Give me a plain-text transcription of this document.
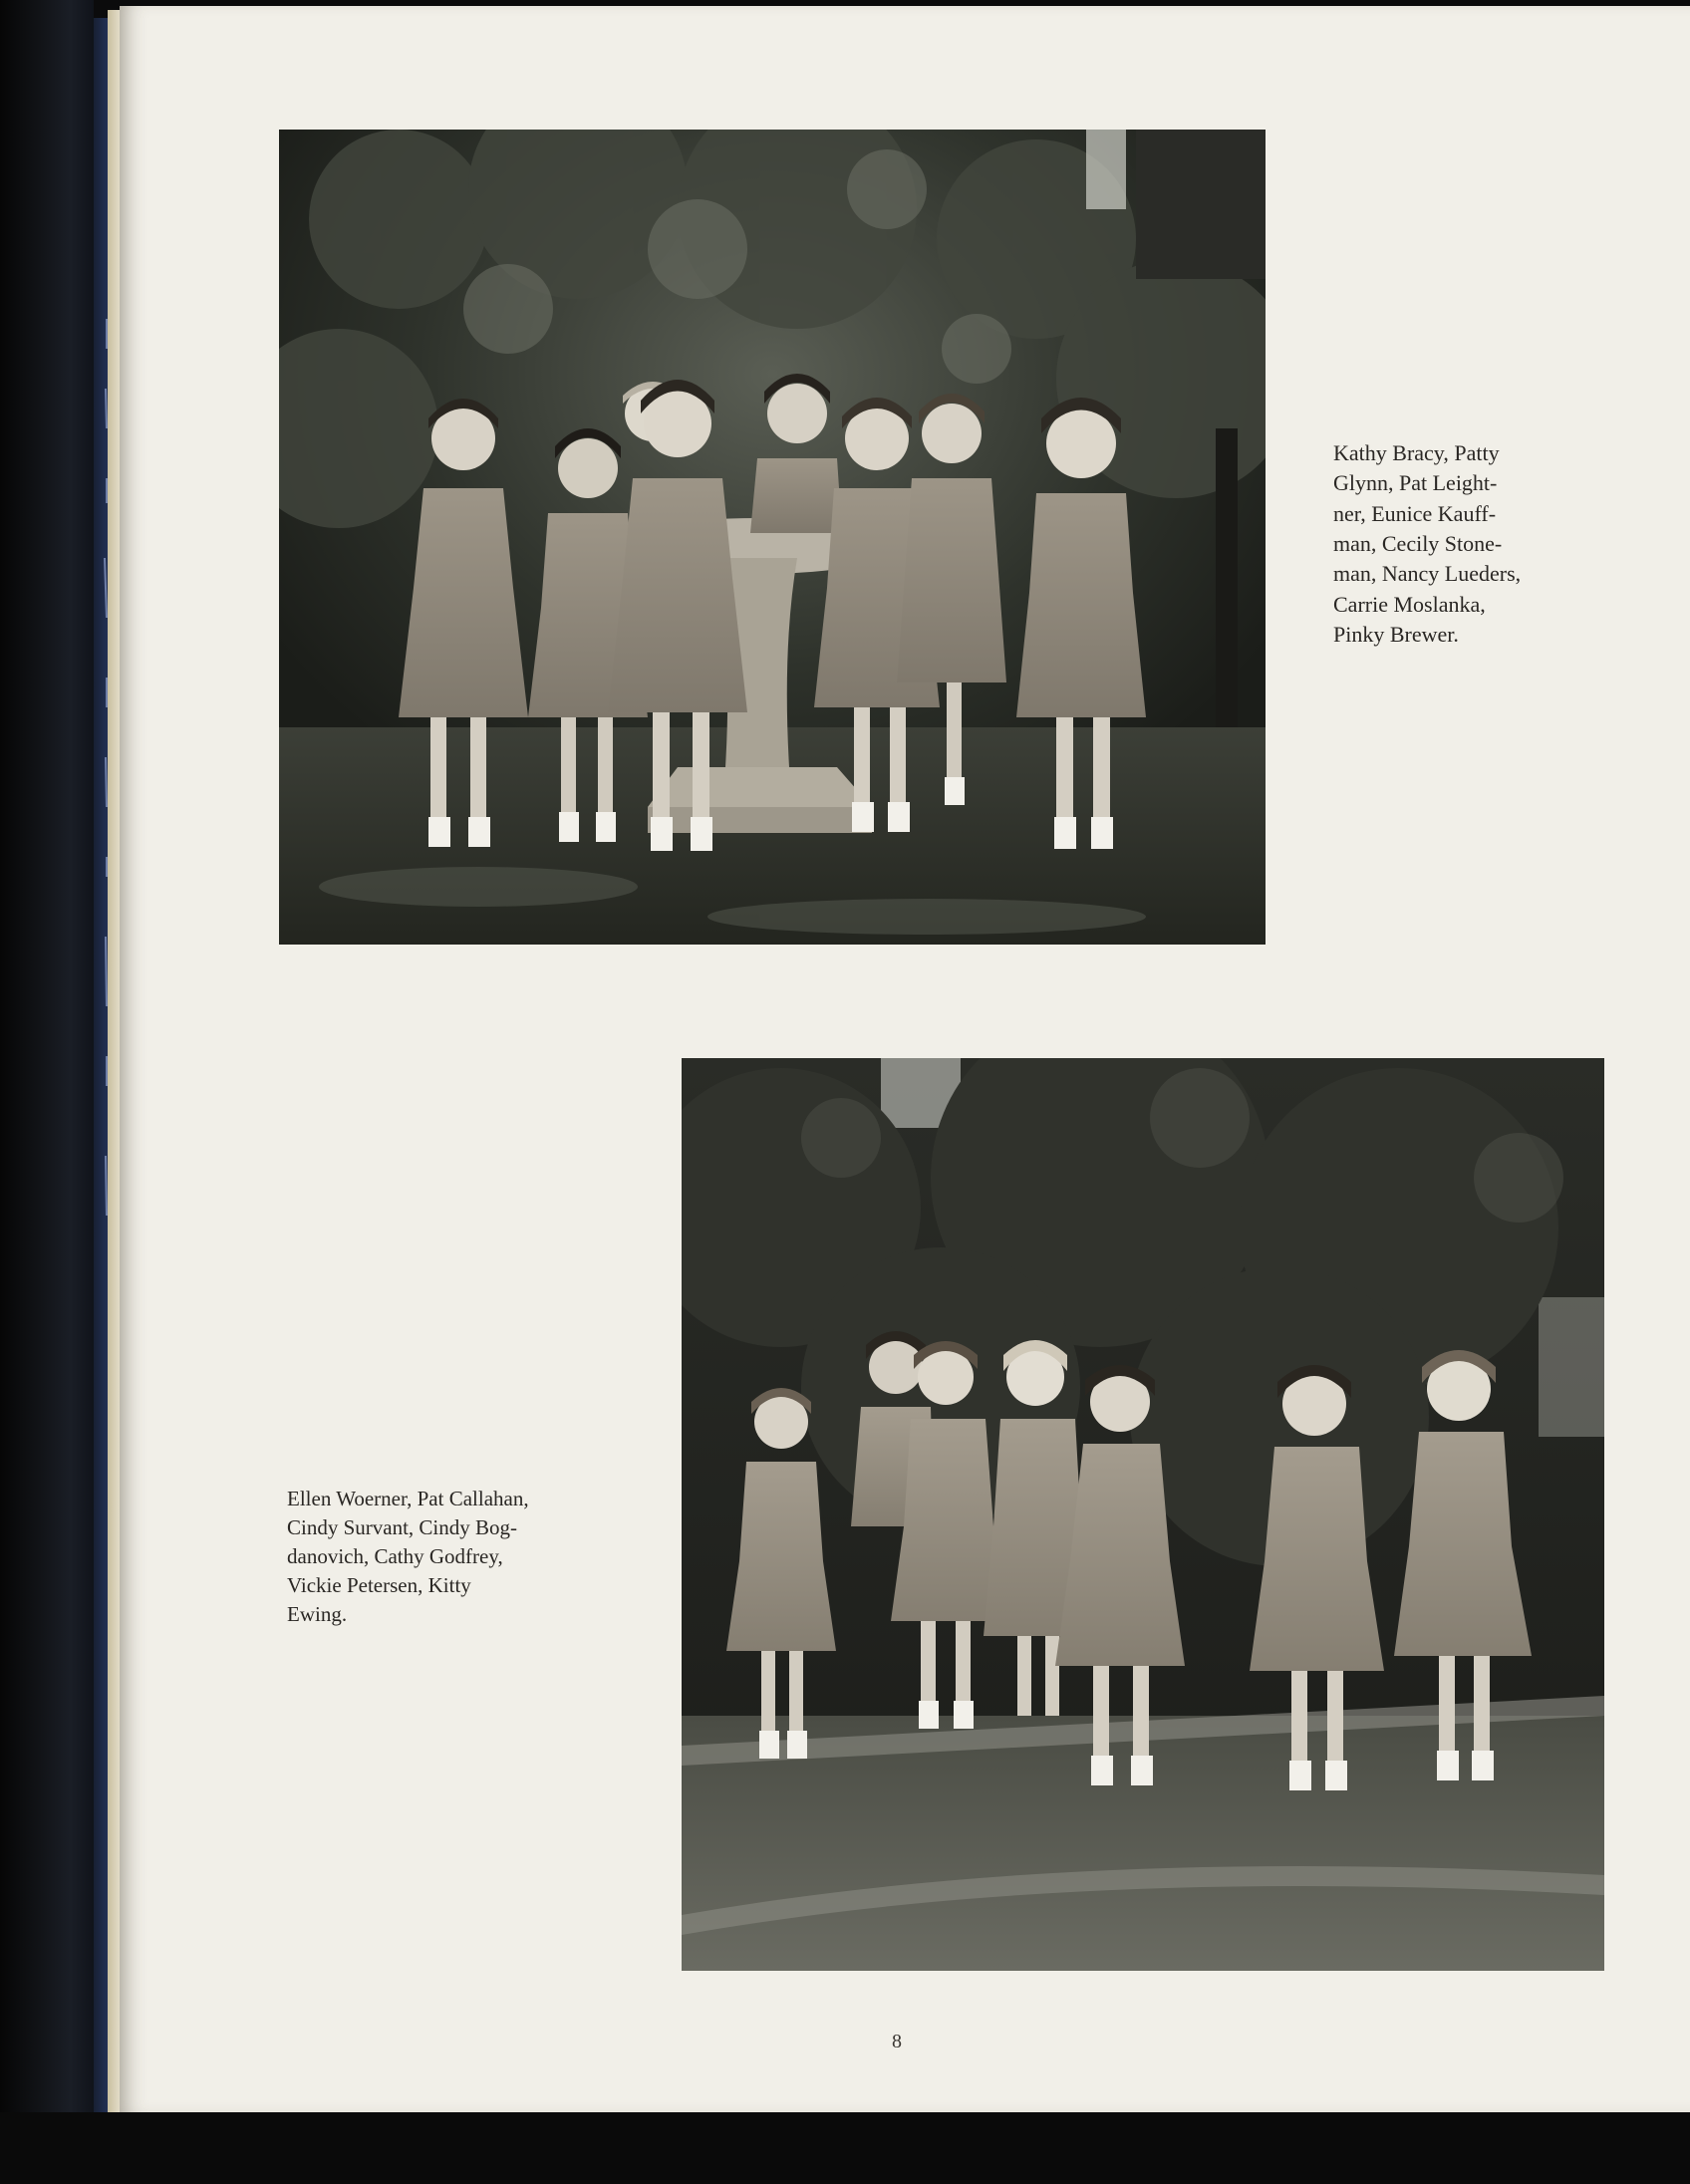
Kathy Bracy, Patty
Glynn, Pat Leight-
ner, Eunice Kauff-
man, Cecily Stone-
man, Nancy Lueders,
Carrie Moslanka,
Pinky Brewer.
Ellen Woerner, Pat Callahan,
Cindy Survant, Cindy Bog-
danovich, Cathy Godfrey,
Vickie Petersen, Kitty
Ewing.
8
